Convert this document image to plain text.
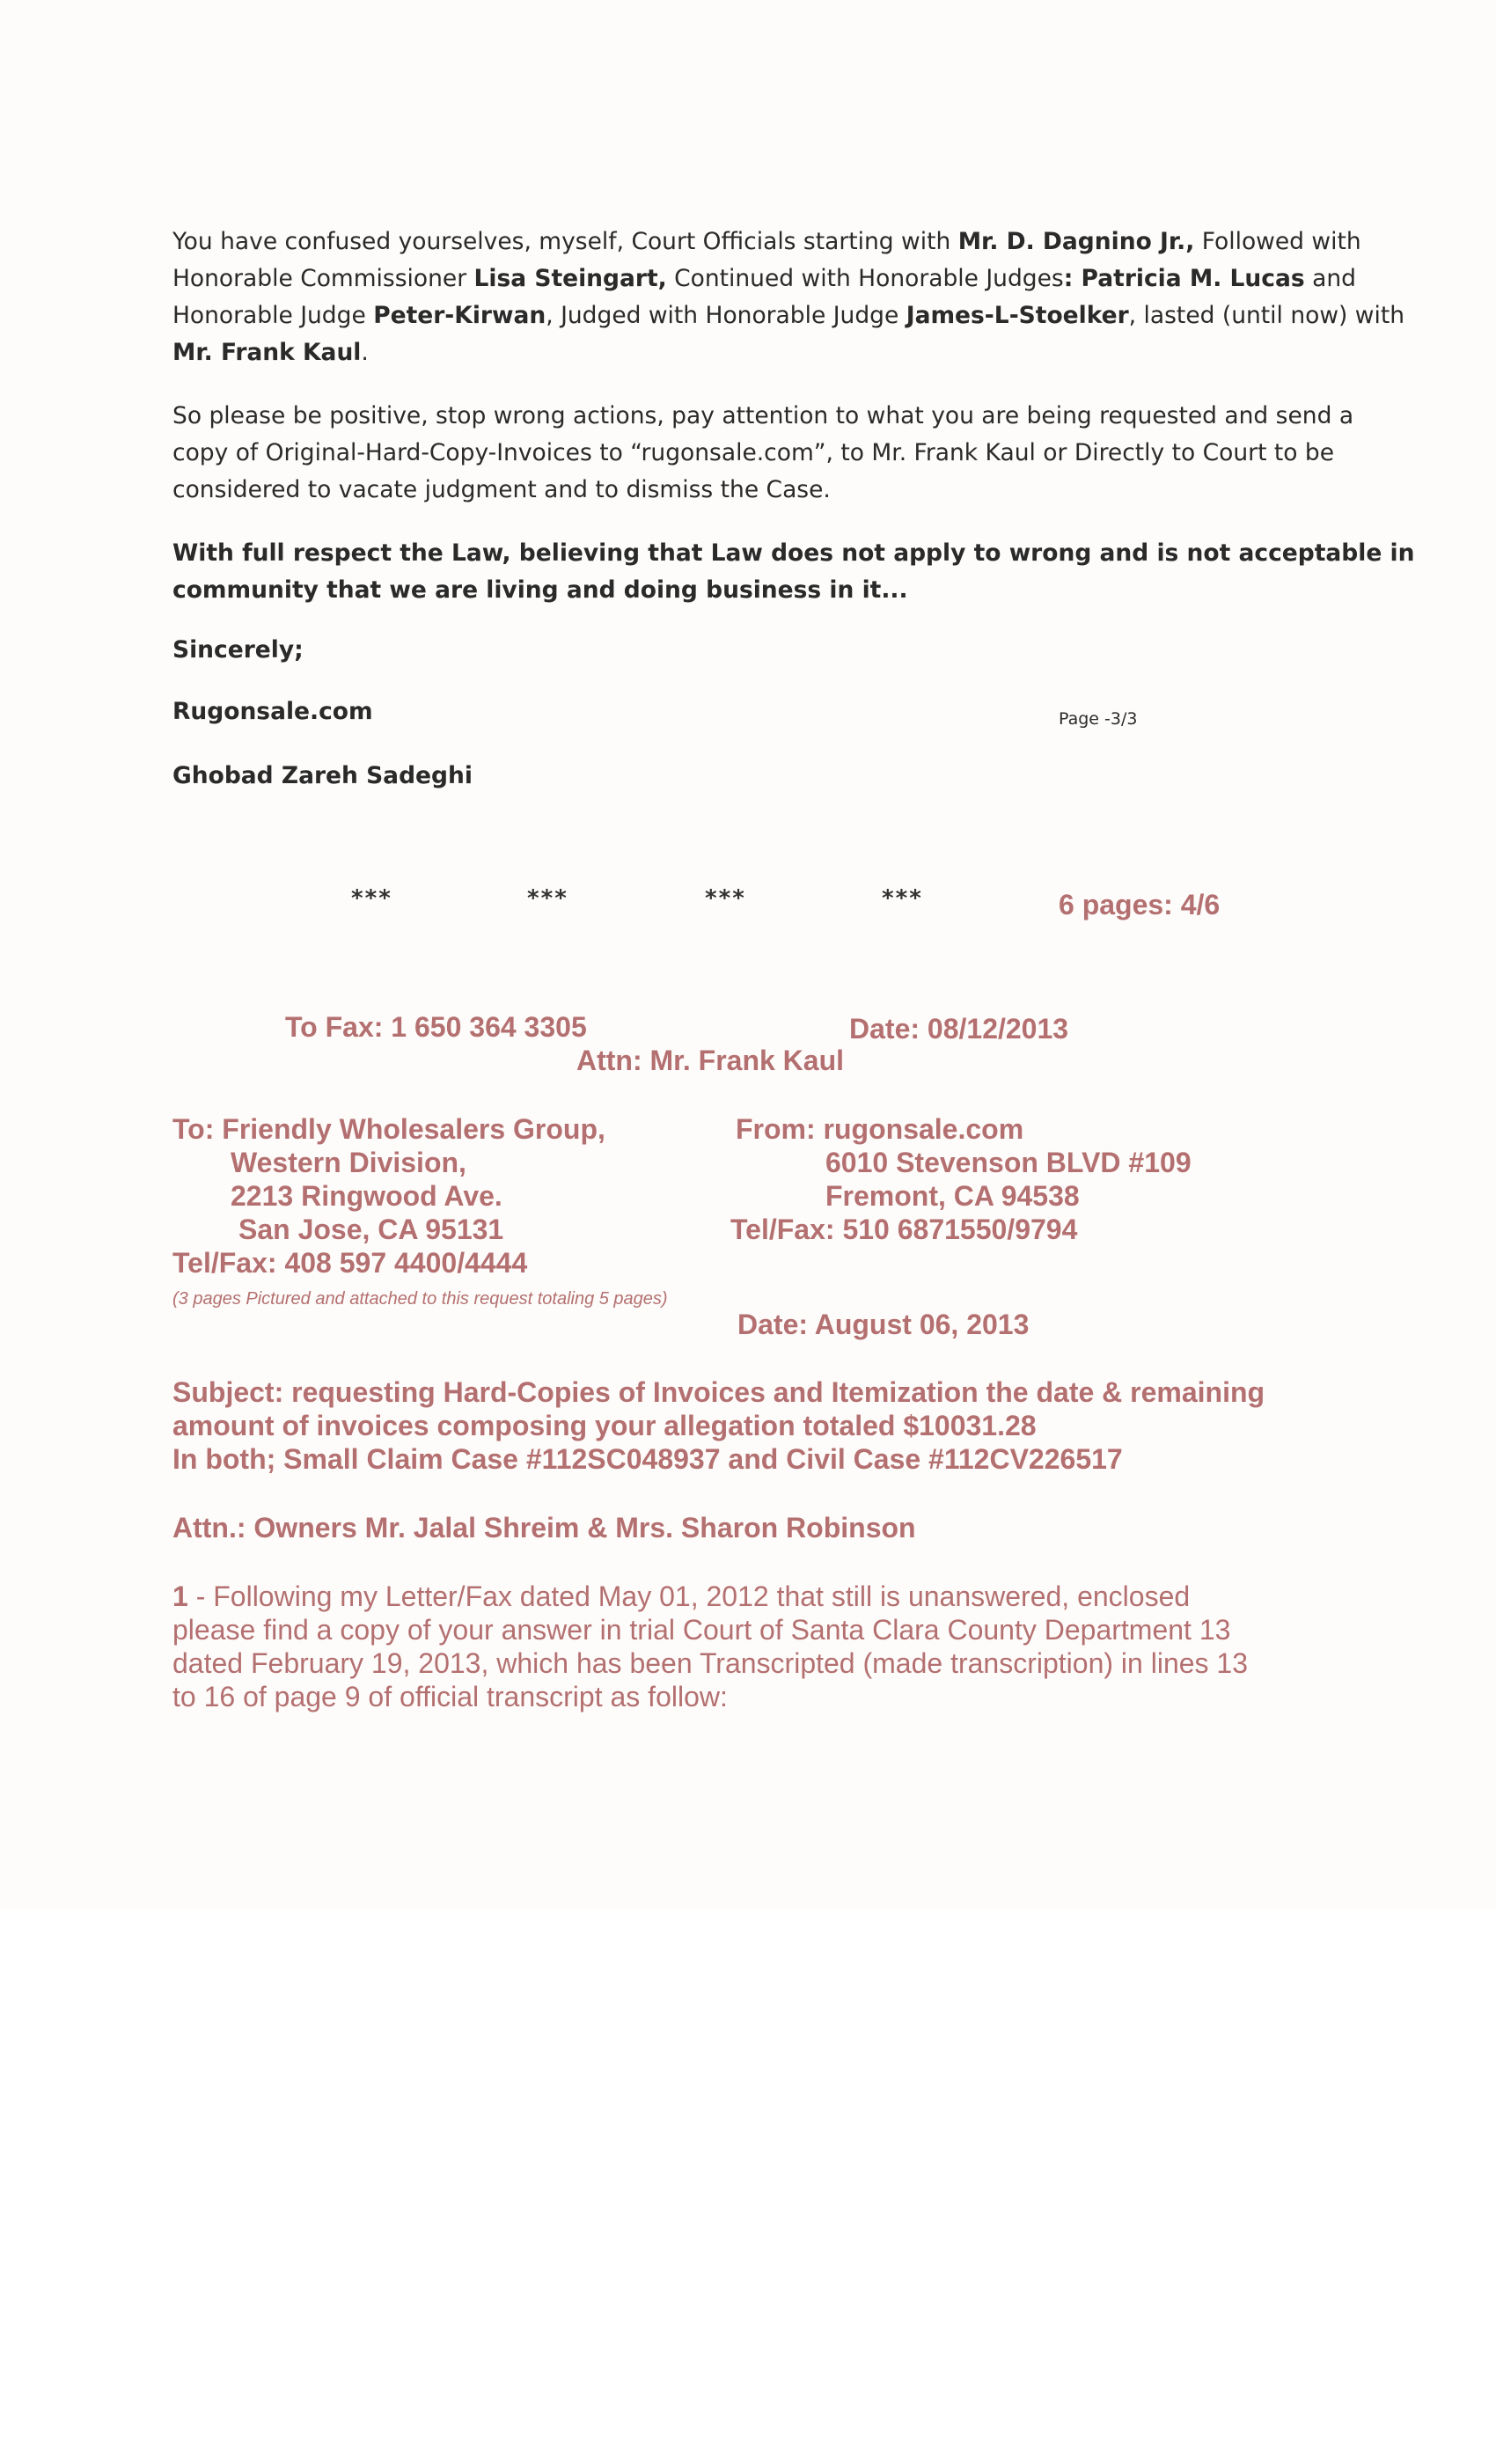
You have confused yourselves, myself, Court Officials starting with Mr. D. Dagnino Jr., Followed with
Honorable Commissioner Lisa Steingart, Continued with Honorable Judges: Patricia M. Lucas and
Honorable Judge Peter-Kirwan, Judged with Honorable Judge James-L-Stoelker, lasted (until now) with
Mr. Frank Kaul.
So please be positive, stop wrong actions, pay attention to what you are being requested and send a
copy of Original-Hard-Copy-Invoices to “rugonsale.com”, to Mr. Frank Kaul or Directly to Court to be
considered to vacate judgment and to dismiss the Case.
With full respect the Law, believing that Law does not apply to wrong and is not acceptable in
community that we are living and doing business in it...
Sincerely;
Rugonsale.com	Page -3/3
Ghobad Zareh Sadeghi
***	***	***	***	6 pages: 4/6
To Fax: 1 650 364 3305	Date: 08/12/2013
Attn: Mr. Frank Kaul
To: Friendly Wholesalers Group,
Western Division,
2213 Ringwood Ave.
San Jose, CA 95131
Tel/Fax: 408 597 4400/4444
From: rugonsale.com
6010 Stevenson BLVD #109
Fremont, CA 94538
Tel/Fax: 510 6871550/9794
(3 pages Pictured and attached to this request totaling 5 pages)
Date: August 06, 2013
Subject: requesting Hard-Copies of Invoices and Itemization the date & remaining
amount of invoices composing your allegation totaled $10031.28
In both; Small Claim Case #112SC048937 and Civil Case #112CV226517
Attn.: Owners Mr. Jalal Shreim & Mrs. Sharon Robinson
1 - Following my Letter/Fax dated May 01, 2012 that still is unanswered, enclosed
please find a copy of your answer in trial Court of Santa Clara County Department 13
dated February 19, 2013, which has been Transcripted (made transcription) in lines 13
to 16 of page 9 of official transcript as follow:
